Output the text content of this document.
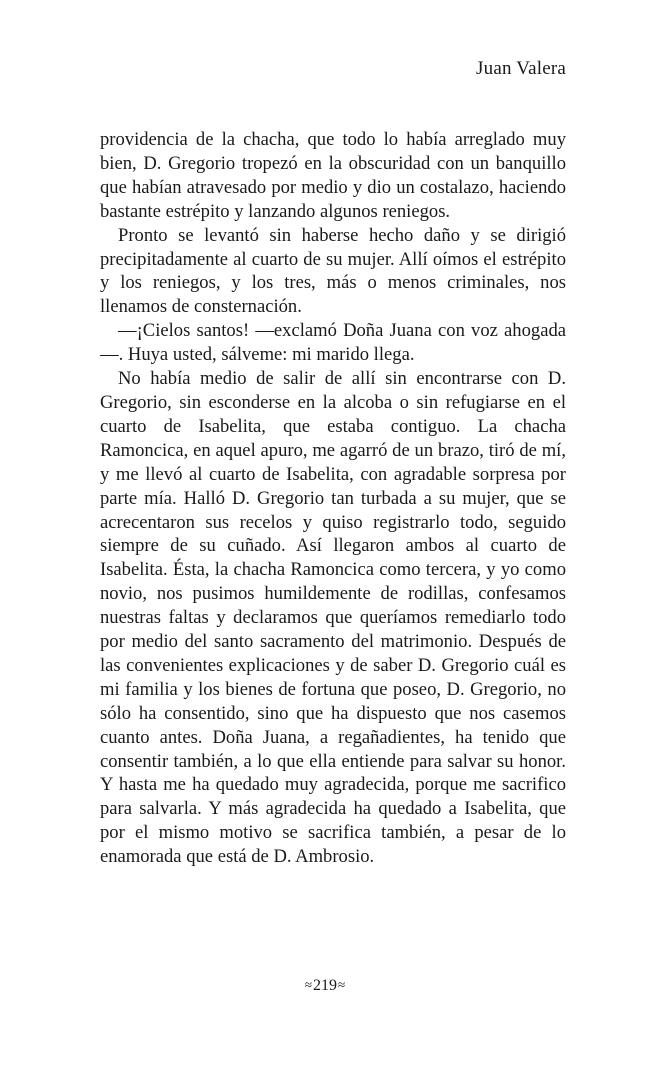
Juan Valera

providencia de la chacha, que todo lo había arreglado muy bien, D. Gregorio tropezó en la obscuridad con un banquillo que habían atravesado por medio y dio un costalazo, haciendo bastante estrépito y lanzando algunos reniegos.

Pronto se levantó sin haberse hecho daño y se dirigió precipitadamente al cuarto de su mujer. Allí oímos el estrépito y los reniegos, y los tres, más o menos criminales, nos llenamos de consternación.

—¡Cielos santos! —exclamó Doña Juana con voz ahogada—. Huya usted, sálveme: mi marido llega.

No había medio de salir de allí sin encontrarse con D. Gregorio, sin esconderse en la alcoba o sin refugiarse en el cuarto de Isabelita, que estaba contiguo. La chacha Ramoncica, en aquel apuro, me agarró de un brazo, tiró de mí, y me llevó al cuarto de Isabelita, con agradable sorpresa por parte mía. Halló D. Gregorio tan turbada a su mujer, que se acrecentaron sus recelos y quiso registrarlo todo, seguido siempre de su cuñado. Así llegaron ambos al cuarto de Isabelita. Ésta, la chacha Ramoncica como tercera, y yo como novio, nos pusimos humildemente de rodillas, confesamos nuestras faltas y declaramos que queríamos remediarlo todo por medio del santo sacramento del matrimonio. Después de las convenientes explicaciones y de saber D. Gregorio cuál es mi familia y los bienes de fortuna que poseo, D. Gregorio, no sólo ha consentido, sino que ha dispuesto que nos casemos cuanto antes. Doña Juana, a regañadientes, ha tenido que consentir también, a lo que ella entiende para salvar su honor. Y hasta me ha quedado muy agradecida, porque me sacrifico para salvarla. Y más agradecida ha quedado a Isabelita, que por el mismo motivo se sacrifica también, a pesar de lo enamorada que está de D. Ambrosio.

≈219≈
